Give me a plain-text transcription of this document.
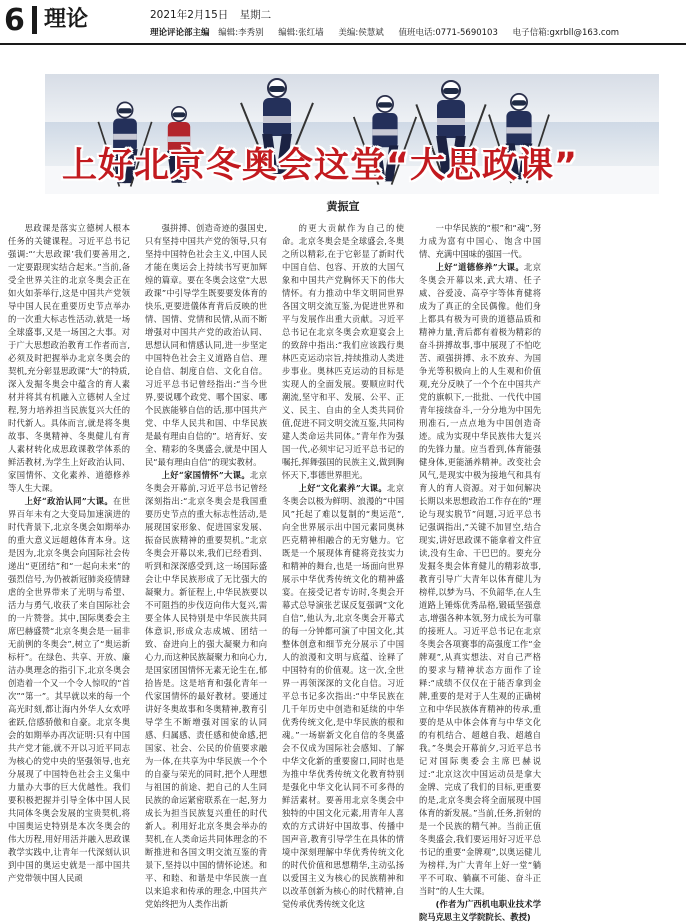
6 理论	2021年2月15日 星期二
理论评论部主编 编辑:李秀别 编辑:张红墙 美编:侯慧斌 值班电话:0771-5690103 电子信箱:gxrbll@163.com
上好北京冬奥会这堂“大思政课”
黄振宣

思政课是落实立德树人根本任务的关键课程。习近平总书记强调:“‘大思政课’我们要善用之,一定要跟现实结合起来。”当前,备受全世界关注的北京冬奥会正在如火如荼举行,这是中国共产党领导中国人民在重要历史节点举办的一次重大标志性活动,就是一场全球盛事,又是一场国之大事。对于广大思想政治教育工作者而言,必须及时把握举办北京冬奥会的契机,充分彰显思政课“大”的特质,深入发掘冬奥会中蕴含的育人素材并将其有机融入立德树人全过程,努力培养担当民族复兴大任的时代新人。具体而言,就是将冬奥故事、冬奥精神、冬奥健儿有育人素材转化成思政课教学体系的鲜活教材,为学生上好政治认同、家国情怀、文化素养、道德修养等人生大课。

上好“政治认同”大课。在世界百年未有之大变局加速演进的时代背景下,北京冬奥会如期举办的重大意义远超越体育本身。这是因为,北京冬奥会向国际社会传递出“更团结”和“一起向未来”的强烈信号,为仍被新冠肺炎疫情肆虐的全世界带来了光明与希望、活力与勇气,收获了来自国际社会的一片赞誉。其中,国际奥委会主席巴赫盛赞“北京冬奥会是一届非无前例的冬奥会”,树立了“奥运新标杆”。在绿色、共享、开放、廉洁办奥理念的指引下,北京冬奥会创造着一个又一个令人惊叹的“首次”“第一”。其早就以来的每一个高光时刻,都让海内外华人女欢呼雀跃,信感骄傲和自豪。北京冬奥会的如期举办再次证明:只有中国共产党才能,就不开以习近平同志为核心的党中央的坚强领导,也充分展现了中国特色社会主义集中力量办大事的巨大优越性。我们要积极把握并引导全体中国人民共同体冬奥会发展的宝贵契机,将中国奥运史特别是本次冬奥会的伟大历程,用好用活并融入思政课教学实践中,让青年一代深刻认识到中国的奥运史就是一部中国共产党带领中国人民顽

强拼搏、创造奇迹的强国史,只有坚持中国共产党的领导,只有坚持中国特色社会主义,中国人民才能在奥运会上持续书写更加辉煌的篇章。要在冬奥会这堂“大思政课”中引导学生既要要发体育的快乐,更要进儀体育背后反映的世情、国情、党情和民情,从而不断增强对中国共产党的政治认同、思想认同和情感认同,进一步坚定中国特色社会主义道路自信、理论自信、制度自信、文化自信。习近平总书记曾经指出:“当今世界,要说哪个政党、哪个国家、哪个民族能够自信的话,那中国共产党、中华人民共和国、中华民族是最有理由自信的”。培育好、安全、精彩的冬奥盛会,就是中国人民“最有理由自信”的现实教材。

上好“家国情怀”大课。北京冬奥会开幕前,习近平总书记曾经深刻指出:“北京冬奥会是我国重要历史节点的重大标志性活动,是展现国家形象、促进国家发展、振奋民族精神的重要契机。”北京冬奥会开幕以来,我们已经看到、听到和深深感受到,这一场国际盛会让中华民族形成了无比强大的凝聚力。新征程上,中华民族要以不可阻挡的步伐迈向伟大复兴,需要全体人民特别是中华民族共同体意识,形成众志成城、团结一致、奋进向上的强大凝聚力和向心力,而这种民族凝聚力和向心力,是国家团国情怀无素无论生在,郁拾皆是。这是培育和强化青年一代家国情怀的最好教材。要通过讲好冬奥故事和冬奥精神,教育引导学生不断增强对国家的认同感、归属感、责任感和使命感,把国家、社会、公民的价值要求融为一体,在共享为中华民族一个个的自豪与荣光的同时,把个人理想与祖国的前途、把自己的人生同民族的命运紧密联系在一起,努力成长为担当民族复兴重任的时代新人。利用好北京冬奥会举办的契机,在人类命运共同体理念的不断推进和各国文明交流互鉴的背景下,坚持以中国的情怀论述。和平、和睦、和谐是中华民族一直以来追求和传承的理念,中国共产党始终把为人类作出新

的更大贡献作为自己的使命。北京冬奥会是全球盛会,冬奥之所以精彩,在于它彰显了新时代中国自信、包容、开放的大国气象和中国共产党胸怀天下的伟大情怀。有力推动中华文明同世界各国文明交流互鉴,为促进世界和平与发展作出重大贡献。习近平总书记在北京冬奥会欢迎宴会上的致辞中指出:“我们应该践行奥林匹克运动宗旨,持续推动人类进步事业。奥林匹克运动的目标是实现人的全面发展。要顺应时代潮流,坚守和平、发展、公平、正义、民主、自由的全人类共同价值,促进不同文明交流互鉴,共同构建人类命运共同体。”青年作为强国一代,必须牢记习近平总书记的嘱托,挥舞强国的民族主义,做到胸怀天下,事德世界胆光。

上好“文化素养”大课。北京冬奥会以极为鲜明、浪漫的“中国风”托起了难以复制的“奥运范”,向全世界展示出中国元素同奥林匹克精神相融合的无穷魅力。它既是一个展现体育健将竞技实力和精神的舞台,也是一场面向世界展示中华优秀传统文化的精神盛宴。在接受记者专访时,冬奥会开幕式总导演张艺谋反复强调“文化自信”,他认为,北京冬奥会开幕式的每一分钟都可演了中国文化,其整体创意和细节充分展示了中国人的浪漫和文明与底蕴、诠释了中国特有的价值观。这一次,全世界一再领深深的文化自信。习近平总书记多次指出:“中华民族在几千年历史中创造和延续的中华优秀传统文化,是中华民族的根和魂。”一场崭新文化自信的冬奥盛会不仅成为国际社会感知、了解中华文化新的重要窗口,同时也是为推中华优秀传统文化教育特别是强化中华文化认同不可多得的鲜活素材。要善用北京冬奥会中独特的中国文化元素,用青年人喜欢的方式讲好中国故事、传播中国声音,教育引导学生在具体的情境中深刻理解中华优秀传统文化的时代价值和思想精华,主动弘扬以爱国主义为核心的民族精神和以改革创新为核心的时代精神,自觉传承优秀传统文化这

一中华民族的“根”和“魂”,努力成为富有中国心、饱含中国情、充满中国味的强国一代。

上好“道德修养”大课。北京冬奥会开幕以来,武大靖、任子威、谷爱凌、高亭宇等体育健将成为了真正的全民偶像。他们身上都具有极为可贵的道德品质和精神力量,背后都有着极为精彩的奋斗拼搏故事,事中展现了不怕吃苦、顽强拼搏、永不放弃、为国争光等积极向上的人生观和价值观,充分反映了一个个在中国共产党的旗帜下,一批批、一代代中国青年接续奋斗,一分分地为中国先刑准石,一点点地为中国创造奇迹。成为实现中华民族伟大复兴的先锋力量。应当看到,体育能强健身体,更能涵养精神。改变社会风气,是现实中极为接地气和具有育人的育人资源。对于如何解决长期以来思想政治工作存在的“理论与现实脱节”问题,习近平总书记强调指出,“关键不加冒空,结合现实,讲好思政课不能拿着文件宣读,没有生命、干巴巴的。要充分发掘冬奥会体育健儿的精彩故事,教育引导广大青年以体育健儿为榜样,以梦为马、不负韶华,在人生道路上锤炼优秀品格,锻砥坚强意志,增强各种本领,努力成长为可靠的接班人。习近平总书记在北京冬奥会各项赛事的高强度工作“金牌观”,从真实想法、对自己严格的要求与精神状态方面作了诠释:“成绩不仅仅在于能否拿到金牌,重要的是对于人生观的正确树立和中华民族体育精神的传承,重要的是从中体会体育与中华文化的有机结合、超越自我、超越自我。”冬奥会开幕前夕,习近平总书记对国际奥委会主席巴赫说过:“北京这次中国运动员是拿大金牌、完成了我们的目标,更重要的是,北京冬奥会将全面展现中国体育的新发展。”当前,任务,折射的是一个民族的精气神。当前正值冬奥盛会,我们要运用好习近平总书记的重要“金牌观”,以奥运健儿为榜样,为广大青年上好一堂“躺平不可取、躺赢不可能、奋斗正当时”的人生大课。

(作者为广西机电职业技术学院马克思主义学院院长、教授)
